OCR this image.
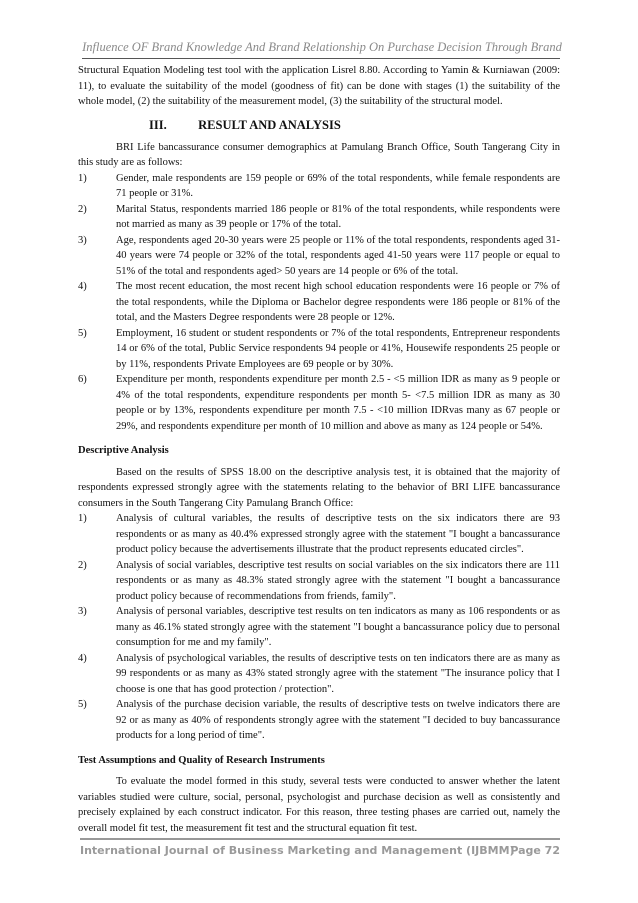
Influence OF Brand Knowledge And Brand Relationship On Purchase Decision Through Brand

Structural Equation Modeling test tool with the application Lisrel 8.80. According to Yamin & Kurniawan (2009: 11), to evaluate the suitability of the model (goodness of fit) can be done with stages (1) the suitability of the whole model, (2) the suitability of the measurement model, (3) the suitability of the structural model.

III.	RESULT AND ANALYSIS

BRI Life bancassurance consumer demographics at Pamulang Branch Office, South Tangerang City in this study are as follows:

1)	Gender, male respondents are 159 people or 69% of the total respondents, while female respondents are 71 people or 31%.
2)	Marital Status, respondents married 186 people or 81% of the total respondents, while respondents were not married as many as 39 people or 17% of the total.
3)	Age, respondents aged 20-30 years were 25 people or 11% of the total respondents, respondents aged 31-40 years were 74 people or 32% of the total, respondents aged 41-50 years were 117 people or equal to 51% of the total and respondents aged> 50 years are 14 people or 6% of the total.
4)	The most recent education, the most recent high school education respondents were 16 people or 7% of the total respondents, while the Diploma or Bachelor degree respondents were 186 people or 81% of the total, and the Masters Degree respondents were 28 people or 12%.
5)	Employment, 16 student or student respondents or 7% of the total respondents, Entrepreneur respondents 14 or 6% of the total, Public Service respondents 94 people or 41%, Housewife respondents 25 people or by 11%, respondents Private Employees are 69 people or by 30%.
6)	Expenditure per month, respondents expenditure per month 2.5 - <5 million IDR as many as 9 people or 4% of the total respondents, expenditure respondents per month 5- <7.5 million IDR as many as 30 people or by 13%, respondents expenditure per month 7.5 - <10 million IDRvas many as 67 people or 29%, and respondents expenditure per month of 10 million and above as many as 124 people or 54%.

Descriptive Analysis

Based on the results of SPSS 18.00 on the descriptive analysis test, it is obtained that the majority of respondents expressed strongly agree with the statements relating to the behavior of BRI LIFE bancassurance consumers in the South Tangerang City Pamulang Branch Office:

1)	Analysis of cultural variables, the results of descriptive tests on the six indicators there are 93 respondents or as many as 40.4% expressed strongly agree with the statement "I bought a bancassurance product policy because the advertisements illustrate that the product represents educated circles".
2)	Analysis of social variables, descriptive test results on social variables on the six indicators there are 111 respondents or as many as 48.3% stated strongly agree with the statement "I bought a bancassurance product policy because of recommendations from friends, family".
3)	Analysis of personal variables, descriptive test results on ten indicators as many as 106 respondents or as many as 46.1% stated strongly agree with the statement "I bought a bancassurance policy due to personal consumption for me and my family".
4)	Analysis of psychological variables, the results of descriptive tests on ten indicators there are as many as 99 respondents or as many as 43% stated strongly agree with the statement "The insurance policy that I choose is one that has good protection / protection".
5)	Analysis of the purchase decision variable, the results of descriptive tests on twelve indicators there are 92 or as many as 40% of respondents strongly agree with the statement "I decided to buy bancassurance products for a long period of time".

Test Assumptions and Quality of Research Instruments

To evaluate the model formed in this study, several tests were conducted to answer whether the latent variables studied were culture, social, personal, psychologist and purchase decision as well as consistently and precisely explained by each construct indicator. For this reason, three testing phases are carried out, namely the overall model fit test, the measurement fit test and the structural equation fit test.

International Journal of Business Marketing and Management (IJBMM)
Page 72
